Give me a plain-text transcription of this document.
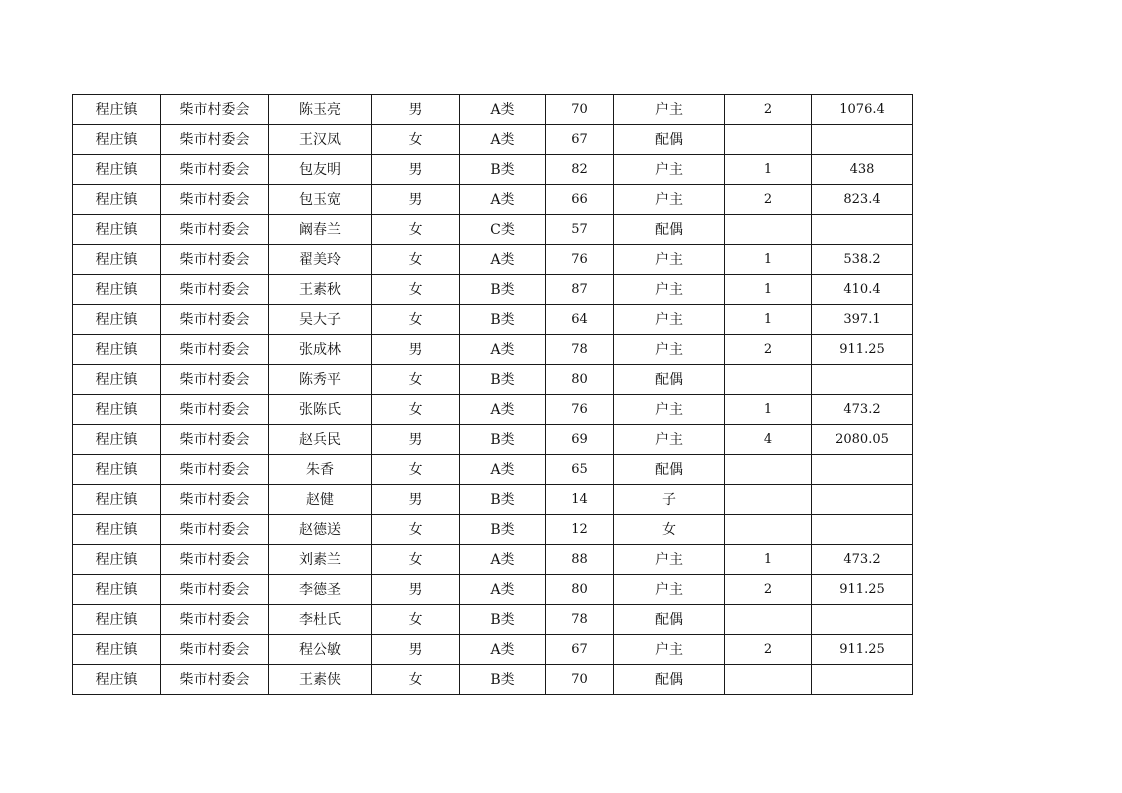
程庄镇	柴市村委会	陈玉亮	男	A类	70	户主	2	1076.4
程庄镇	柴市村委会	王汉凤	女	A类	67	配偶		
程庄镇	柴市村委会	包友明	男	B类	82	户主	1	438
程庄镇	柴市村委会	包玉宽	男	A类	66	户主	2	823.4
程庄镇	柴市村委会	阚春兰	女	C类	57	配偶		
程庄镇	柴市村委会	翟美玲	女	A类	76	户主	1	538.2
程庄镇	柴市村委会	王素秋	女	B类	87	户主	1	410.4
程庄镇	柴市村委会	吴大子	女	B类	64	户主	1	397.1
程庄镇	柴市村委会	张成林	男	A类	78	户主	2	911.25
程庄镇	柴市村委会	陈秀平	女	B类	80	配偶		
程庄镇	柴市村委会	张陈氏	女	A类	76	户主	1	473.2
程庄镇	柴市村委会	赵兵民	男	B类	69	户主	4	2080.05
程庄镇	柴市村委会	朱香	女	A类	65	配偶		
程庄镇	柴市村委会	赵健	男	B类	14	子		
程庄镇	柴市村委会	赵德送	女	B类	12	女		
程庄镇	柴市村委会	刘素兰	女	A类	88	户主	1	473.2
程庄镇	柴市村委会	李德圣	男	A类	80	户主	2	911.25
程庄镇	柴市村委会	李杜氏	女	B类	78	配偶		
程庄镇	柴市村委会	程公敏	男	A类	67	户主	2	911.25
程庄镇	柴市村委会	王素侠	女	B类	70	配偶		
